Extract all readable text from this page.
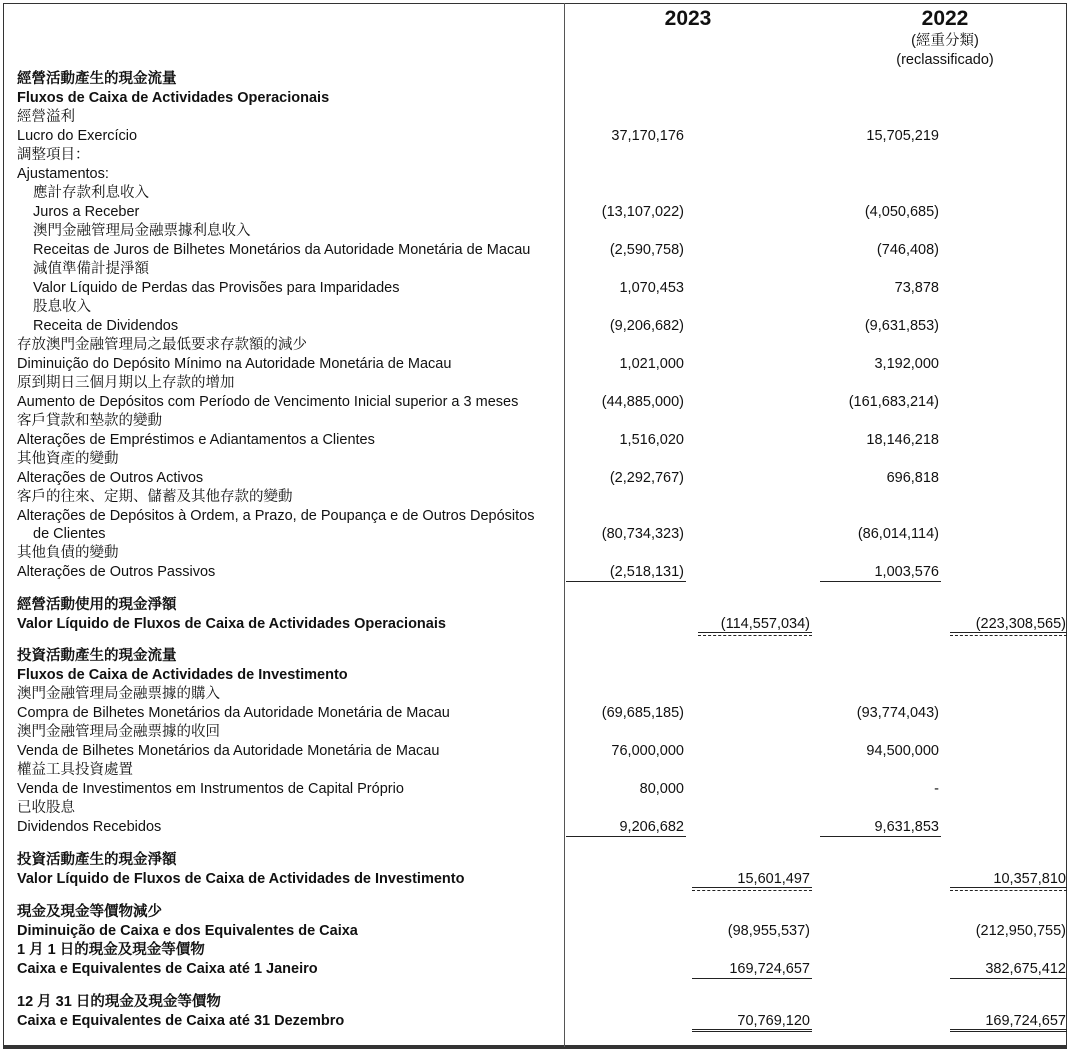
2023	2022
(經重分類)
(reclassificado)
經營活動產生的現金流量
Fluxos de Caixa de Actividades Operacionais
經營溢利
Lucro do Exercício	37,170,176	15,705,219
調整項目：
Ajustamentos:
應計存款利息收入
Juros a Receber	(13,107,022)	(4,050,685)
澳門金融管理局金融票據利息收入
Receitas de Juros de Bilhetes Monetários da Autoridade Monetária de Macau	(2,590,758)	(746,408)
減值準備計提淨額
Valor Líquido de Perdas das Provisões para Imparidades	1,070,453	73,878
股息收入
Receita de Dividendos	(9,206,682)	(9,631,853)
存放澳門金融管理局之最低要求存款額的減少
Diminuição do Depósito Mínimo na Autoridade Monetária de Macau	1,021,000	3,192,000
原到期日三個月期以上存款的增加
Aumento de Depósitos com Período de Vencimento Inicial superior a 3 meses	(44,885,000)	(161,683,214)
客戶貸款和墊款的變動
Alterações de Empréstimos e Adiantamentos a Clientes	1,516,020	18,146,218
其他資產的變動
Alterações de Outros Activos	(2,292,767)	696,818
客戶的往來、定期、儲蓄及其他存款的變動
Alterações de Depósitos à Ordem, a Prazo, de Poupança e de Outros Depósitos
de Clientes	(80,734,323)	(86,014,114)
其他負債的變動
Alterações de Outros Passivos	(2,518,131)	1,003,576
經營活動使用的現金淨額
Valor Líquido de Fluxos de Caixa de Actividades Operacionais	(114,557,034)	(223,308,565)
投資活動產生的現金流量
Fluxos de Caixa de Actividades de Investimento
澳門金融管理局金融票據的購入
Compra de Bilhetes Monetários da Autoridade Monetária de Macau	(69,685,185)	(93,774,043)
澳門金融管理局金融票據的收回
Venda de Bilhetes Monetários da Autoridade Monetária de Macau	76,000,000	94,500,000
權益工具投資處置
Venda de Investimentos em Instrumentos de Capital Próprio	80,000	-
已收股息
Dividendos Recebidos	9,206,682	9,631,853
投資活動產生的現金淨額
Valor Líquido de Fluxos de Caixa de Actividades de Investimento	15,601,497	10,357,810
現金及現金等價物減少
Diminuição de Caixa e dos Equivalentes de Caixa	(98,955,537)	(212,950,755)
1 月 1 日的現金及現金等價物
Caixa e Equivalentes de Caixa até 1 Janeiro	169,724,657	382,675,412
12 月 31 日的現金及現金等價物
Caixa e Equivalentes de Caixa até 31 Dezembro	70,769,120	169,724,657
